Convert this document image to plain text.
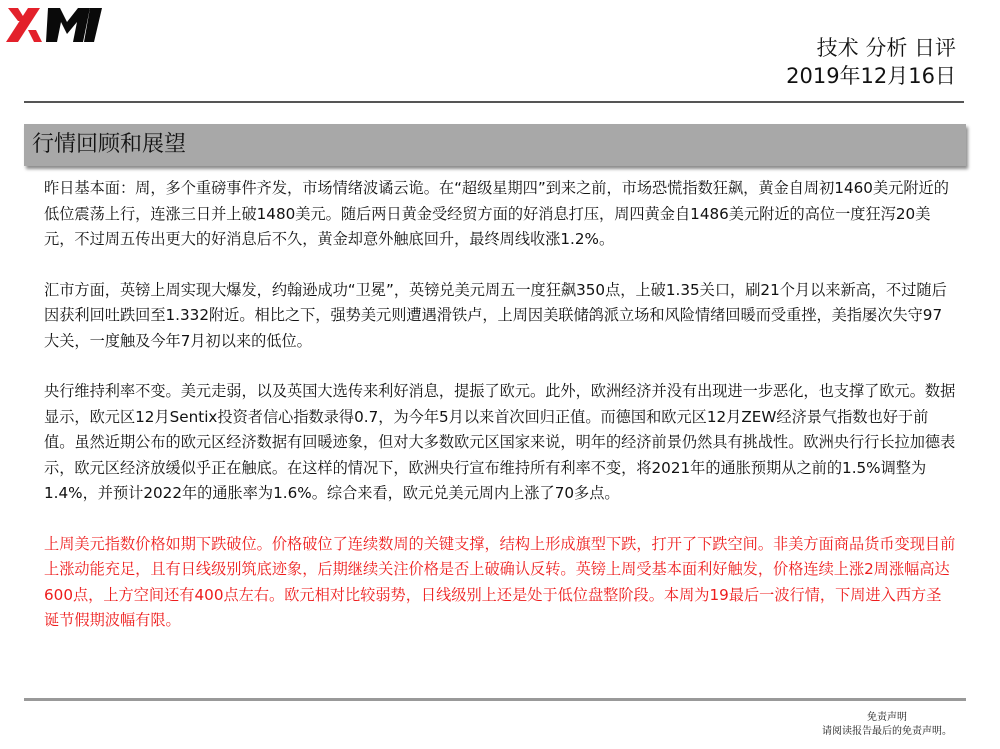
技术 分析 日评
2019年12月16日
行情回顾和展望

昨日基本面：周，多个重磅事件齐发，市场情绪波谲云诡。在“超级星期四”到来之前，市场恐慌指数狂飙，黄金自周初1460美元附近的低位震荡上行，连涨三日并上破1480美元。随后两日黄金受经贸方面的好消息打压，周四黄金自1486美元附近的高位一度狂泻20美元，不过周五传出更大的好消息后不久，黄金却意外触底回升，最终周线收涨1.2%。

汇市方面，英镑上周实现大爆发，约翰逊成功“卫冕”，英镑兑美元周五一度狂飙350点，上破1.35关口，刷21个月以来新高，不过随后因获利回吐跌回至1.332附近。相比之下，强势美元则遭遇滑铁卢，上周因美联储鸽派立场和风险情绪回暖而受重挫，美指屡次失守97大关，一度触及今年7月初以来的低位。

央行维持利率不变。美元走弱，以及英国大选传来利好消息，提振了欧元。此外，欧洲经济并没有出现进一步恶化，也支撑了欧元。数据显示，欧元区12月Sentix投资者信心指数录得0.7，为今年5月以来首次回归正值。而德国和欧元区12月ZEW经济景气指数也好于前值。虽然近期公布的欧元区经济数据有回暖迹象，但对大多数欧元区国家来说，明年的经济前景仍然具有挑战性。欧洲央行行长拉加德表示，欧元区经济放缓似乎正在触底。在这样的情况下，欧洲央行宣布维持所有利率不变，将2021年的通胀预期从之前的1.5%调整为1.4%，并预计2022年的通胀率为1.6%。综合来看，欧元兑美元周内上涨了70多点。

上周美元指数价格如期下跌破位。价格破位了连续数周的关键支撑，结构上形成旗型下跌，打开了下跌空间。非美方面商品货币变现目前上涨动能充足，且有日线级别筑底迹象，后期继续关注价格是否上破确认反转。英镑上周受基本面利好触发，价格连续上涨2周涨幅高达600点，上方空间还有400点左右。欧元相对比较弱势，日线级别上还是处于低位盘整阶段。本周为19最后一波行情，下周进入西方圣诞节假期波幅有限。

免责声明
请阅读报告最后的免责声明。
